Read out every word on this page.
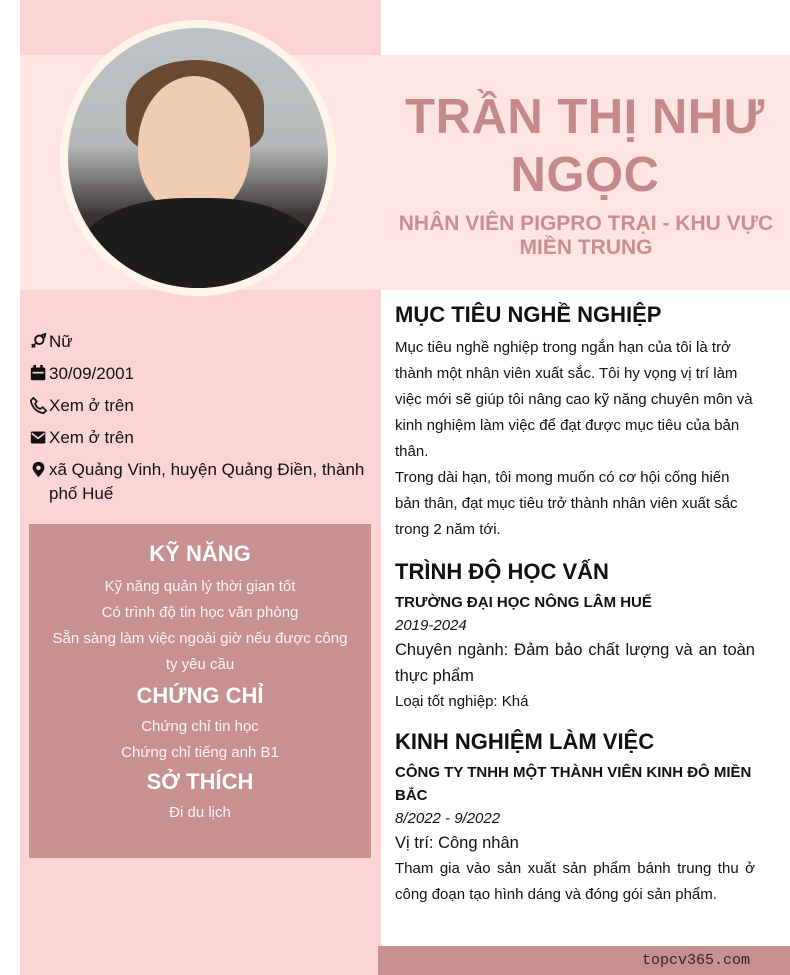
TRẦN THỊ NHƯ NGỌC
NHÂN VIÊN PIGPRO TRẠI - KHU VỰC MIỀN TRUNG
Nữ
30/09/2001
Xem ở trên
Xem ở trên
xã Quảng Vinh, huyện Quảng Điền, thành phố Huế
KỸ NĂNG
Kỹ năng quản lý thời gian tốt
Có trình độ tin học văn phòng
Sẵn sàng làm việc ngoài giờ nếu được công ty yêu cầu
CHỨNG CHỈ
Chứng chỉ tin học
Chứng chỉ tiếng anh B1
SỞ THÍCH
Đi du lịch
MỤC TIÊU NGHỀ NGHIỆP
Mục tiêu nghề nghiệp trong ngắn hạn của tôi là trở thành một nhân viên xuất sắc. Tôi hy vọng vị trí làm việc mới sẽ giúp tôi nâng cao kỹ năng chuyên môn và kinh nghiệm làm việc để đạt được mục tiêu của bản thân.
Trong dài hạn, tôi mong muốn có cơ hội cống hiến bản thân, đạt mục tiêu trở thành nhân viên xuất sắc trong 2 năm tới.
TRÌNH ĐỘ HỌC VẤN
TRƯỜNG ĐẠI HỌC NÔNG LÂM HUẾ
2019-2024
Chuyên ngành: Đảm bảo chất lượng và an toàn thực phẩm
Loại tốt nghiệp: Khá
KINH NGHIỆM LÀM VIỆC
CÔNG TY TNHH MỘT THÀNH VIÊN KINH ĐÔ MIỀN BẮC
8/2022 - 9/2022
Vị trí: Công nhân
Tham gia vào sản xuất sản phẩm bánh trung thu ở công đoạn tạo hình dáng và đóng gói sản phẩm.
topcv365.com
